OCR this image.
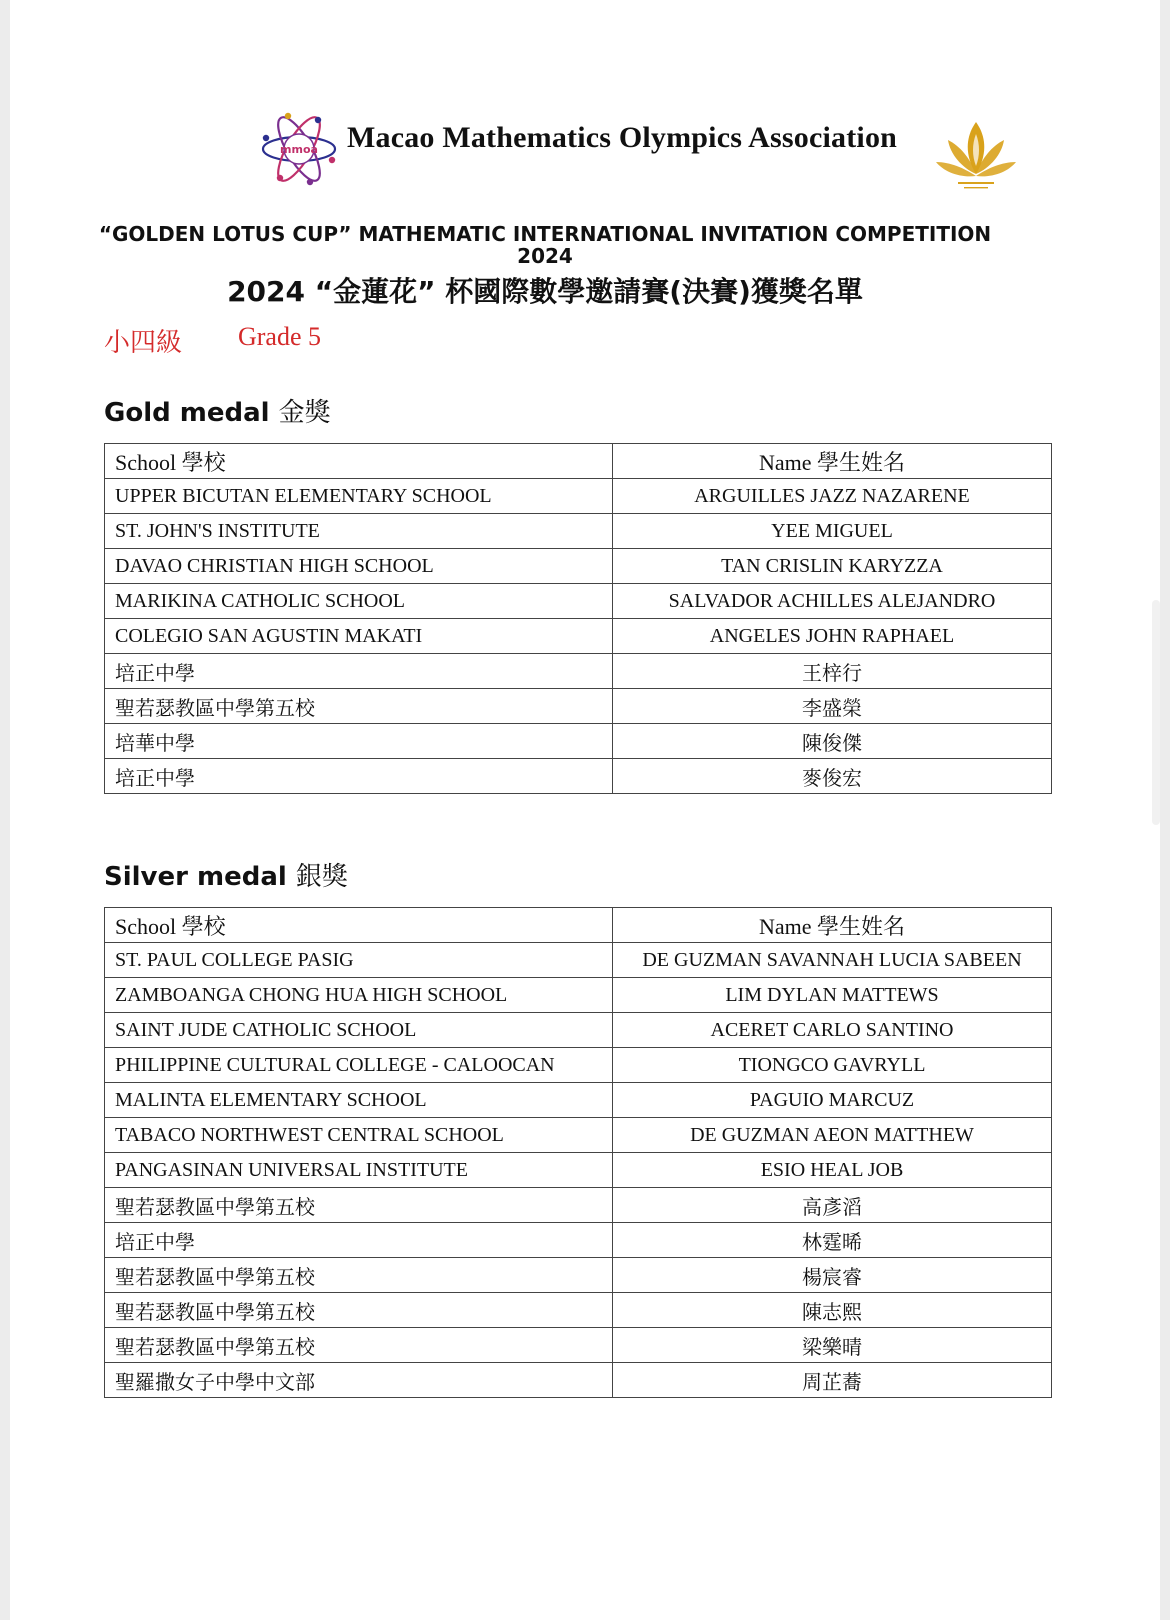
mmoa Macao Mathematics Olympics Association
“GOLDEN LOTUS CUP” MATHEMATIC INTERNATIONAL INVITATION COMPETITION
2024
2024 “金蓮花” 杯國際數學邀請賽(決賽)獲獎名單
小四級 Grade 5
Gold medal 金獎
School 學校	Name 學生姓名
UPPER BICUTAN ELEMENTARY SCHOOL	ARGUILLES JAZZ NAZARENE
ST. JOHN'S INSTITUTE	YEE MIGUEL
DAVAO CHRISTIAN HIGH SCHOOL	TAN CRISLIN KARYZZA
MARIKINA CATHOLIC SCHOOL	SALVADOR ACHILLES ALEJANDRO
COLEGIO SAN AGUSTIN MAKATI	ANGELES JOHN RAPHAEL
培正中學	王梓行
聖若瑟教區中學第五校	李盛榮
培華中學	陳俊傑
培正中學	麥俊宏
Silver medal 銀獎
School 學校	Name 學生姓名
ST. PAUL COLLEGE PASIG	DE GUZMAN SAVANNAH LUCIA SABEEN
ZAMBOANGA CHONG HUA HIGH SCHOOL	LIM DYLAN MATTEWS
SAINT JUDE CATHOLIC SCHOOL	ACERET CARLO SANTINO
PHILIPPINE CULTURAL COLLEGE - CALOOCAN	TIONGCO GAVRYLL
MALINTA ELEMENTARY SCHOOL	PAGUIO MARCUZ
TABACO NORTHWEST CENTRAL SCHOOL	DE GUZMAN AEON MATTHEW
PANGASINAN UNIVERSAL INSTITUTE	ESIO HEAL JOB
聖若瑟教區中學第五校	高彥滔
培正中學	林霆晞
聖若瑟教區中學第五校	楊宸睿
聖若瑟教區中學第五校	陳志熙
聖若瑟教區中學第五校	梁樂晴
聖羅撒女子中學中文部	周芷蕎
